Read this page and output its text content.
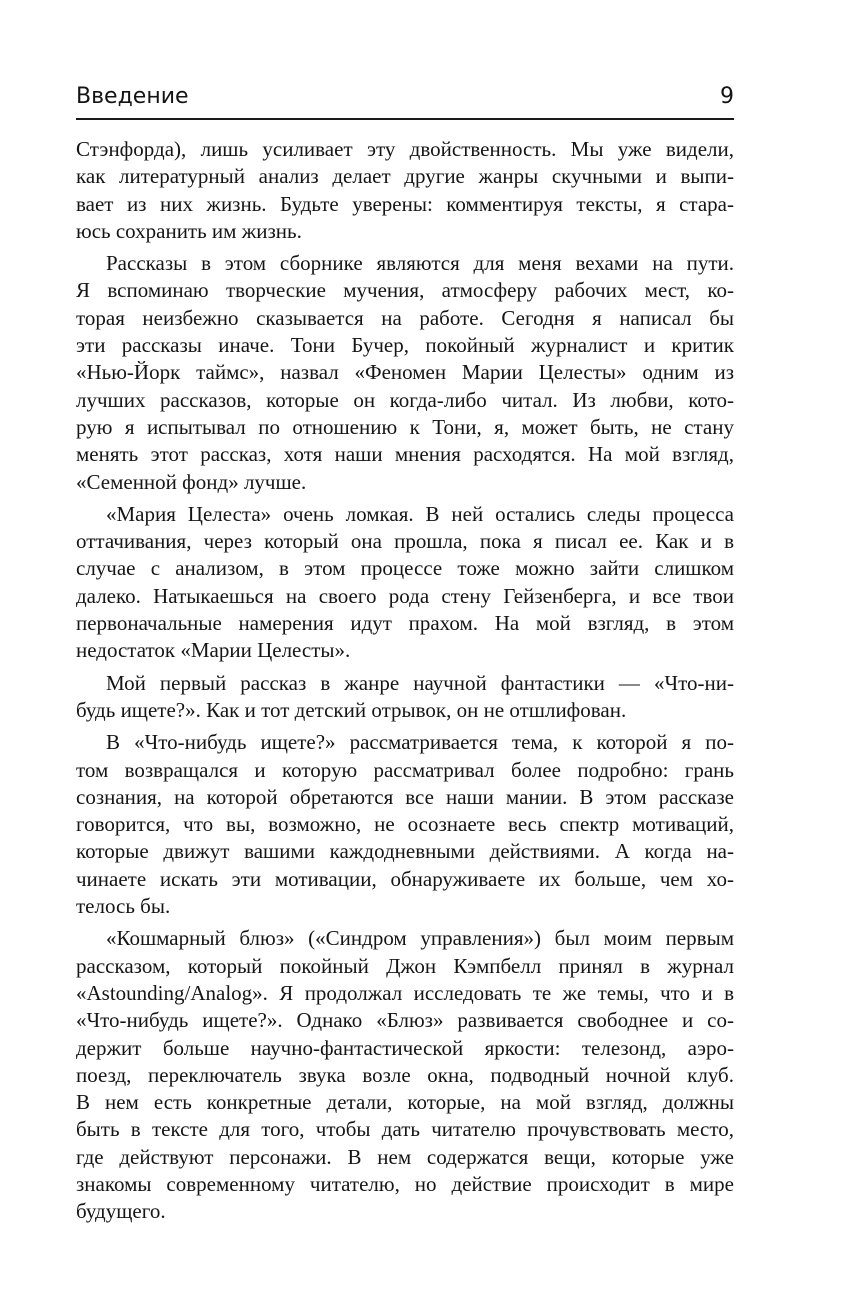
Введение	9
Стэнфорда), лишь усиливает эту двойственность. Мы уже видели,
как литературный анализ делает другие жанры скучными и выпи-
вает из них жизнь. Будьте уверены: комментируя тексты, я стара-
юсь сохранить им жизнь.
Рассказы в этом сборнике являются для меня вехами на пути.
Я вспоминаю творческие мучения, атмосферу рабочих мест, ко-
торая неизбежно сказывается на работе. Сегодня я написал бы
эти рассказы иначе. Тони Бучер, покойный журналист и критик
«Нью-Йорк таймс», назвал «Феномен Марии Целесты» одним из
лучших рассказов, которые он когда-либо читал. Из любви, кото-
рую я испытывал по отношению к Тони, я, может быть, не стану
менять этот рассказ, хотя наши мнения расходятся. На мой взгляд,
«Семенной фонд» лучше.
«Мария Целеста» очень ломкая. В ней остались следы процесса
оттачивания, через который она прошла, пока я писал ее. Как и в
случае с анализом, в этом процессе тоже можно зайти слишком
далеко. Натыкаешься на своего рода стену Гейзенберга, и все твои
первоначальные намерения идут прахом. На мой взгляд, в этом
недостаток «Марии Целесты».
Мой первый рассказ в жанре научной фантастики — «Что-ни-
будь ищете?». Как и тот детский отрывок, он не отшлифован.
В «Что-нибудь ищете?» рассматривается тема, к которой я по-
том возвращался и которую рассматривал более подробно: грань
сознания, на которой обретаются все наши мании. В этом рассказе
говорится, что вы, возможно, не осознаете весь спектр мотиваций,
которые движут вашими каждодневными действиями. А когда на-
чинаете искать эти мотивации, обнаруживаете их больше, чем хо-
телось бы.
«Кошмарный блюз» («Синдром управления») был моим первым
рассказом, который покойный Джон Кэмпбелл принял в журнал
«Astounding/Analog». Я продолжал исследовать те же темы, что и в
«Что-нибудь ищете?». Однако «Блюз» развивается свободнее и со-
держит больше научно-фантастической яркости: телезонд, аэро-
поезд, переключатель звука возле окна, подводный ночной клуб.
В нем есть конкретные детали, которые, на мой взгляд, должны
быть в тексте для того, чтобы дать читателю прочувствовать место,
где действуют персонажи. В нем содержатся вещи, которые уже
знакомы современному читателю, но действие происходит в мире
будущего.
